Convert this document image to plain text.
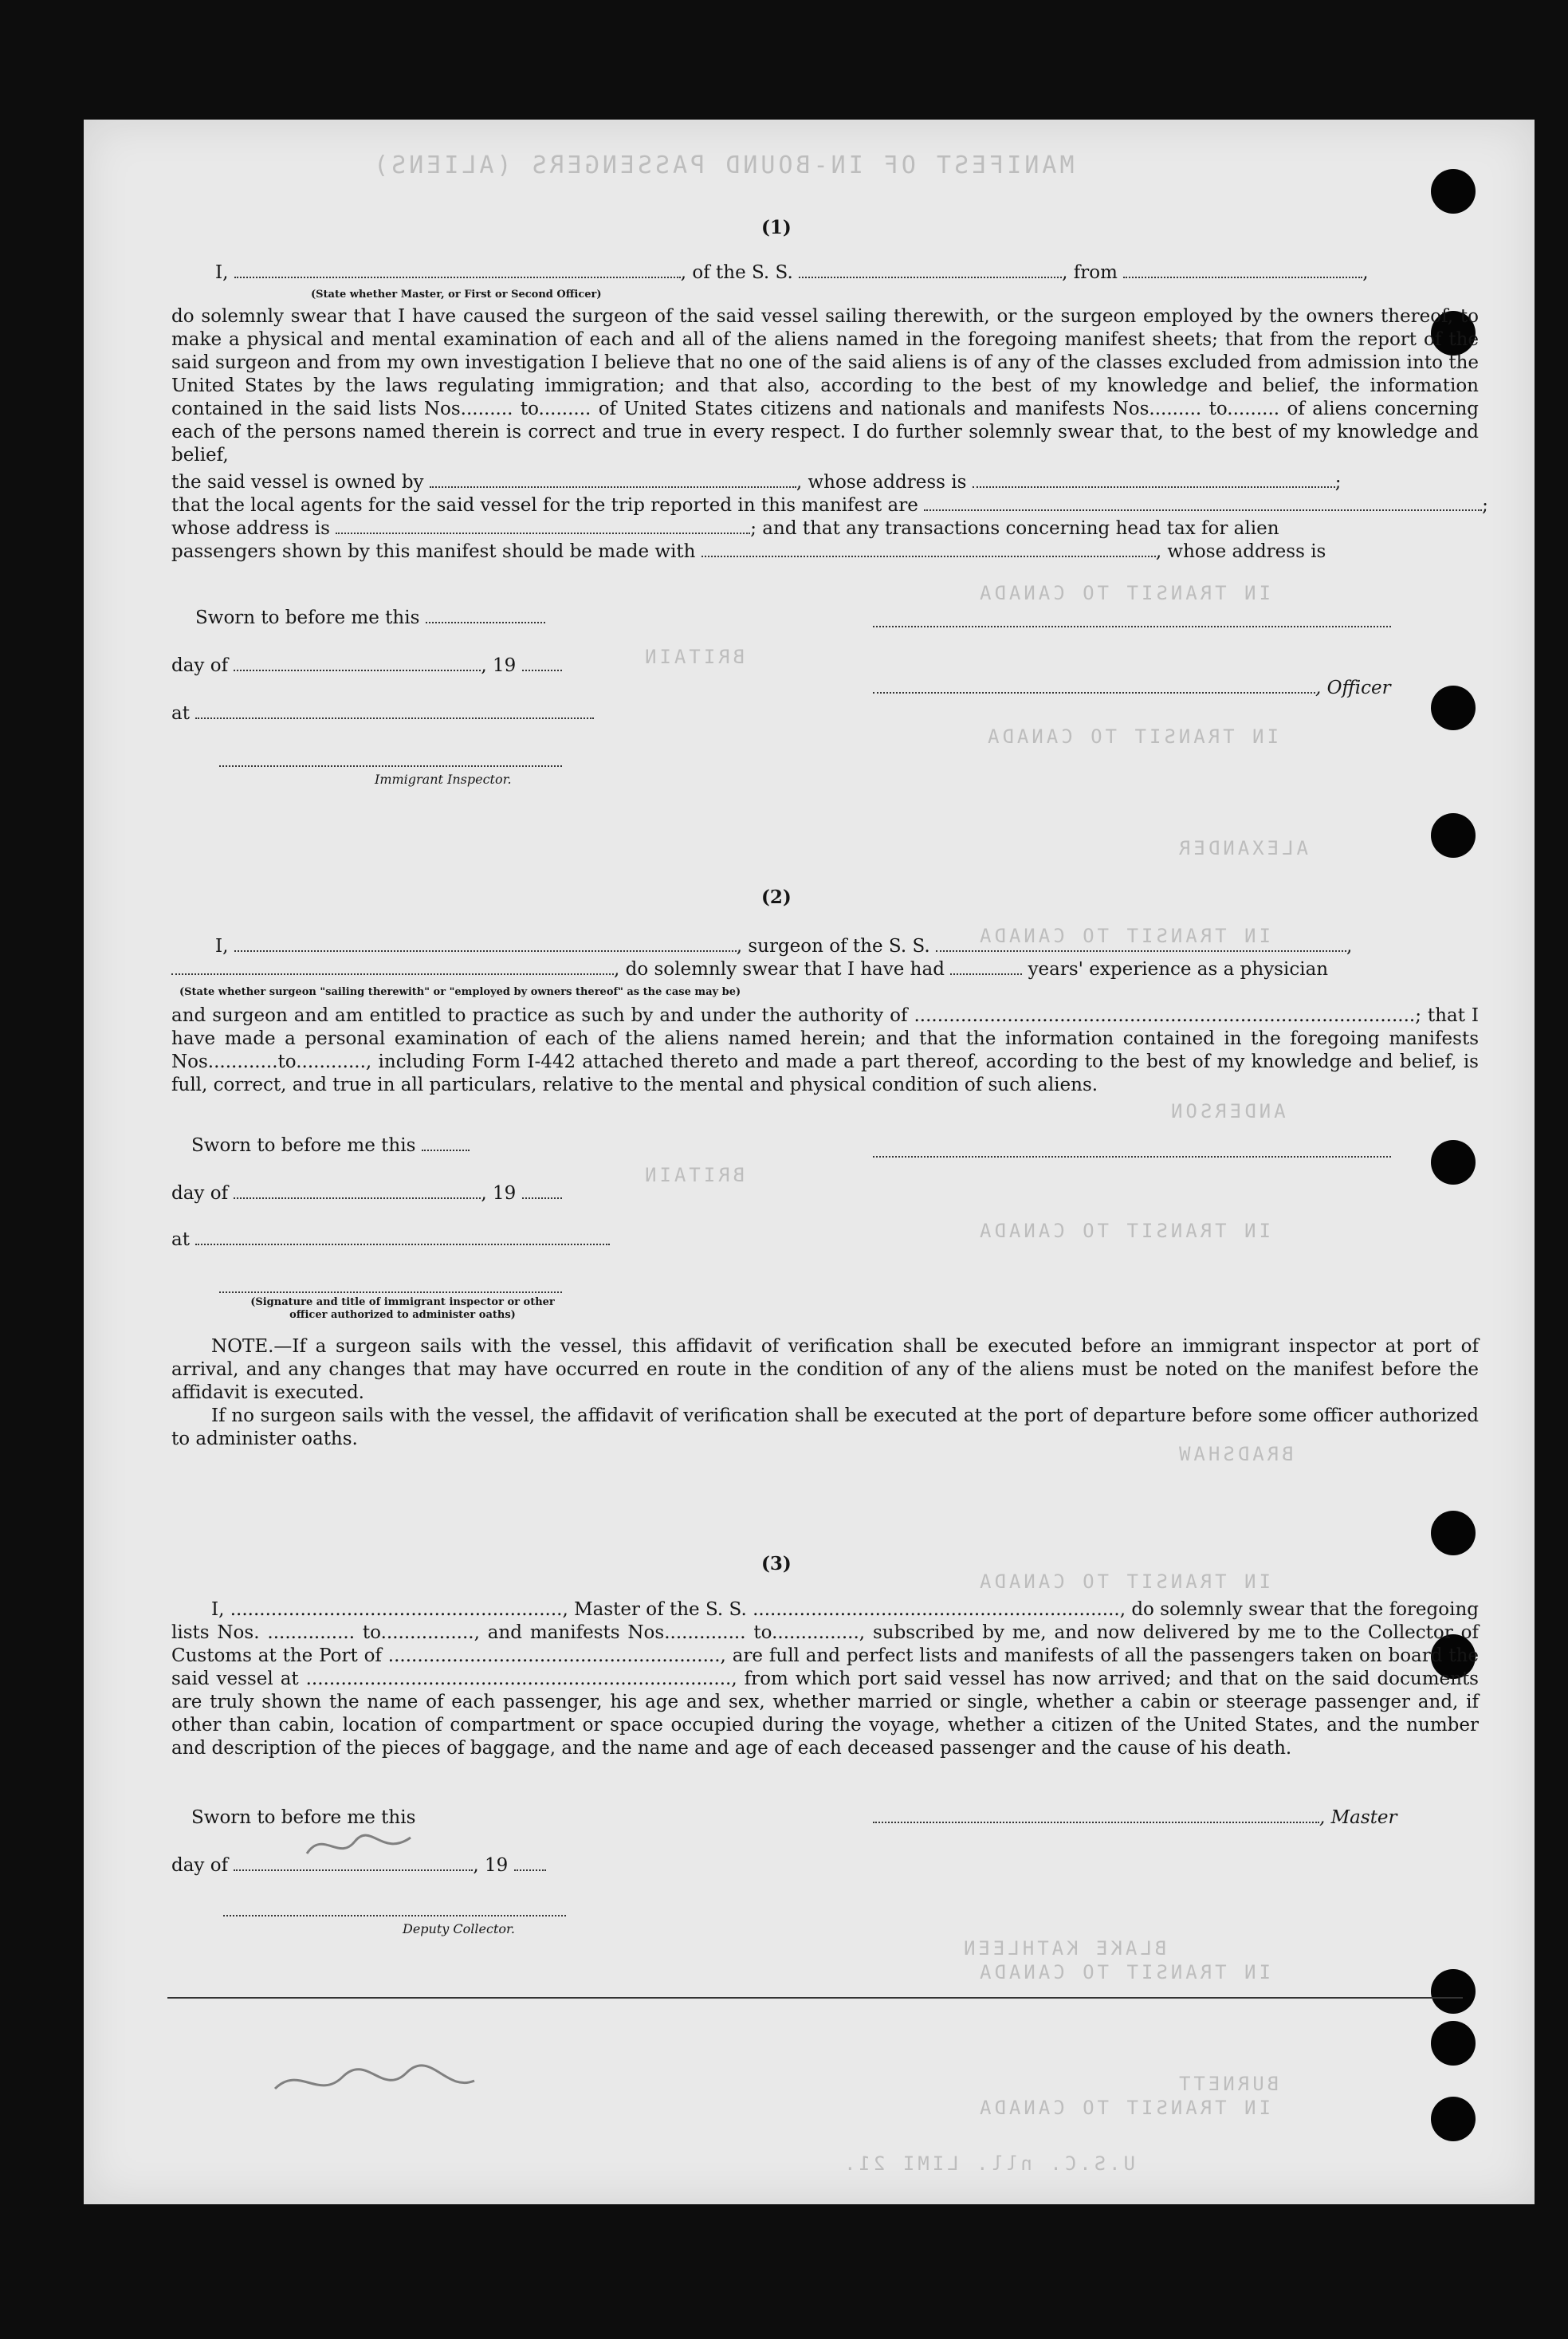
MANIFEST OF IN-BOUND PASSENGERS (ALIENS)
IN TRANSIT TO CANADA
BRITAIN
IN TRANSIT TO CANADA
ALEXANDER
IN TRANSIT TO CANADA
ANDERSON
BRITAIN
IN TRANSIT TO CANADA
BRADSHAW
IN TRANSIT TO CANADA
BLAKE KATHLEEN
IN TRANSIT TO CANADA
BURNETT
IN TRANSIT TO CANADA
U.S.C. nll. LIMI 21.
(1)
I,	, of the S. S.	, from	,
(State whether Master, or First or Second Officer)
do solemnly swear that I have caused the surgeon of the said vessel sailing therewith, or the surgeon employed by the owners thereof, to make a physical and mental examination of each and all of the aliens named in the foregoing manifest sheets; that from the report of the said surgeon and from my own investigation I believe that no one of the said aliens is of any of the classes excluded from admission into the United States by the laws regulating immigration; and that also, according to the best of my knowledge and belief, the information contained in the said lists Nos......... to......... of United States citizens and nationals and manifests Nos......... to......... of aliens concerning each of the persons named therein is correct and true in every respect. I do further solemnly swear that, to the best of my knowledge and belief,
the said vessel is owned by	, whose address is	;
that the local agents for the said vessel for the trip reported in this manifest are	;
whose address is	; and that any transactions concerning head tax for alien
passengers shown by this manifest should be made with	, whose address is
Sworn to before me this
day of	, 19
at
Immigrant Inspector.
, Officer
(2)
I,	, surgeon of the S. S.	,
, do solemnly swear that I have had	years' experience as a physician
(State whether surgeon "sailing therewith" or "employed by owners thereof" as the case may be)
and surgeon and am entitled to practice as such by and under the authority of ......................................................................................; that I have made a personal examination of each of the aliens named herein; and that the information contained in the foregoing manifests Nos............to............, including Form I-442 attached thereto and made a part thereof, according to the best of my knowledge and belief, is full, correct, and true in all particulars, relative to the mental and physical condition of such aliens.
Sworn to before me this
day of	, 19
at
(Signature and title of immigrant inspector or other officer authorized to administer oaths)
NOTE.—If a surgeon sails with the vessel, this affidavit of verification shall be executed before an immigrant inspector at port of arrival, and any changes that may have occurred en route in the condition of any of the aliens must be noted on the manifest before the affidavit is executed.
If no surgeon sails with the vessel, the affidavit of verification shall be executed at the port of departure before some officer authorized to administer oaths.
(3)
I, ........................................................., Master of the S. S. ..............................................................., do solemnly swear that the foregoing lists Nos. ............... to................, and manifests Nos.............. to..............., subscribed by me, and now delivered by me to the Collector of Customs at the Port of ........................................................., are full and perfect lists and manifests of all the passengers taken on board the said vessel at ........................................................................., from which port said vessel has now arrived; and that on the said documents are truly shown the name of each passenger, his age and sex, whether married or single, whether a cabin or steerage passenger and, if other than cabin, location of compartment or space occupied during the voyage, whether a citizen of the United States, and the number and description of the pieces of baggage, and the name and age of each deceased passenger and the cause of his death.
Sworn to before me this	, Master
day of	, 19
Deputy Collector.
